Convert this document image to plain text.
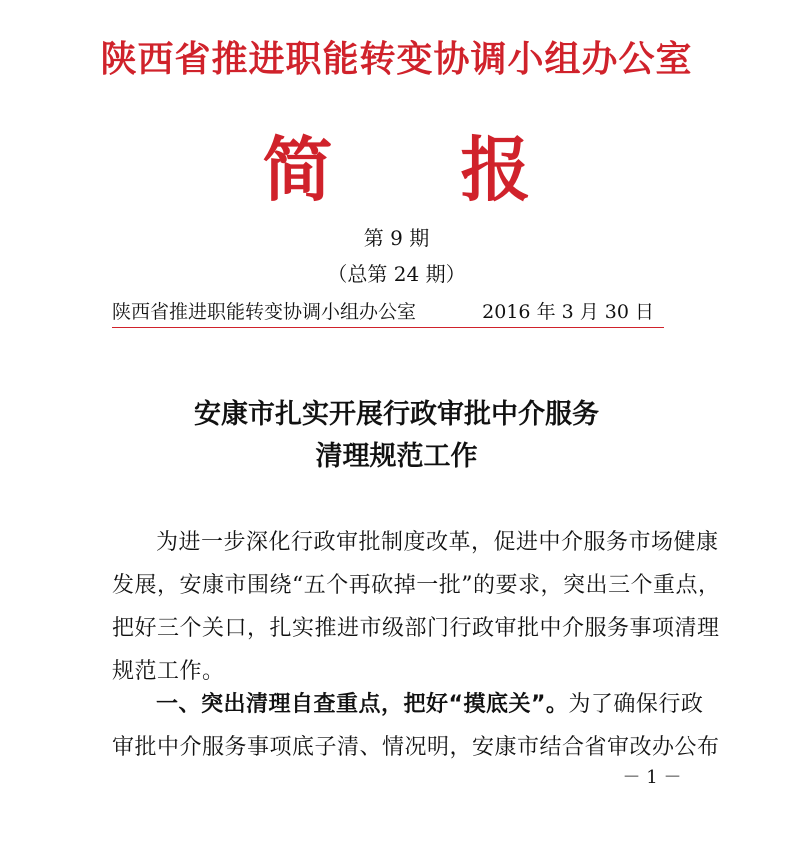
陕西省推进职能转变协调小组办公室
简 报
第 9 期
（总第 24 期）
陕西省推进职能转变协调小组办公室	2016 年 3 月 30 日
安康市扎实开展行政审批中介服务
清理规范工作
为进一步深化行政审批制度改革，促进中介服务市场健康
发展，安康市围绕“五个再砍掉一批”的要求，突出三个重点，
把好三个关口，扎实推进市级部门行政审批中介服务事项清理
规范工作。
一、突出清理自查重点，把好“摸底关”。为了确保行政
审批中介服务事项底子清、情况明，安康市结合省审改办公布
－ 1 －
